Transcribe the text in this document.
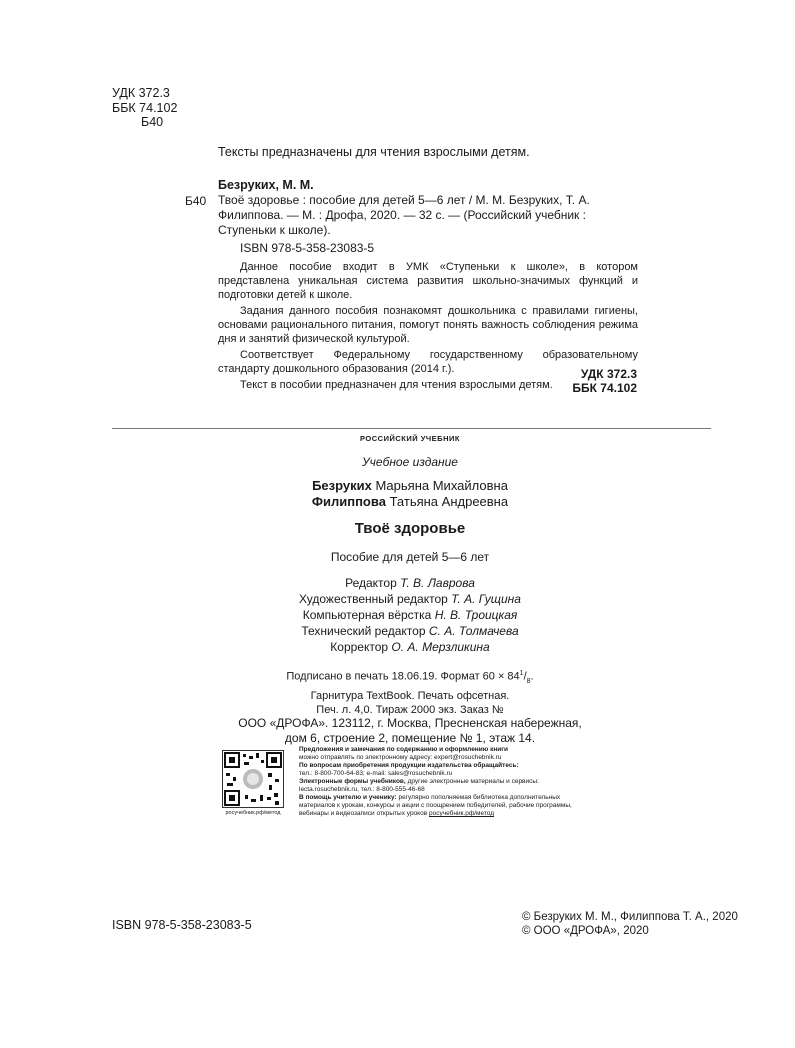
УДК 372.3
ББК 74.102
Б40
Тексты предназначены для чтения взрослыми детям.
Безруких, М. М.
Б40 Твоё здоровье : пособие для детей 5—6 лет / М. М. Безруких, Т. А. Филиппова. — М. : Дрофа, 2020. — 32 с. — (Российский учебник : Ступеньки к школе).
ISBN 978-5-358-23083-5

Данное пособие входит в УМК «Ступеньки к школе», в котором представлена уникальная система развития школьно-значимых функций и подготовки детей к школе.

Задания данного пособия познакомят дошкольника с правилами гигиены, основами рационального питания, помогут понять важность соблюдения режима дня и занятий физической культурой.

Соответствует Федеральному государственному образовательному стандарту дошкольного образования (2014 г.).

Текст в пособии предназначен для чтения взрослыми детям.

УДК 372.3
ББК 74.102
РОССИЙСКИЙ УЧЕБНИК
Учебное издание
Безруких Марьяна Михайловна
Филиппова Татьяна Андреевна
Твоё здоровье
Пособие для детей 5—6 лет
Редактор Т. В. Лаврова
Художественный редактор Т. А. Гущина
Компьютерная вёрстка Н. В. Троицкая
Технический редактор С. А. Толмачева
Корректор О. А. Мерзликина
Подписано в печать 18.06.19. Формат $60 \times 84^1/_8$.
Гарнитура TextBook. Печать офсетная.
Печ. л. 4,0. Тираж 2000 экз. Заказ №
ООО «ДРОФА». 123112, г. Москва, Пресненская набережная,
дом 6, строение 2, помещение № 1, этаж 14.
росучебник.рф/метод
Предложения и замечания по содержанию и оформлению книги
можно отправлять по электронному адресу: expert@rosuchebnik.ru
По вопросам приобретения продукции издательства обращайтесь:
тел.: 8-800-700-64-83; e-mail: sales@rosuchebnik.ru
Электронные формы учебников, другие электронные материалы и сервисы:
lecta.rosuchebnik.ru, тел.: 8-800-555-46-68
В помощь учителю и ученику: регулярно пополняемая библиотека дополнительных
материалов к урокам, конкурсы и акции с поощрением победителей, рабочие программы,
вебинары и видеозаписи открытых уроков росучебник.рф/метод
ISBN 978-5-358-23083-5
© Безруких М. М., Филиппова Т. А., 2020
© ООО «ДРОФА», 2020
